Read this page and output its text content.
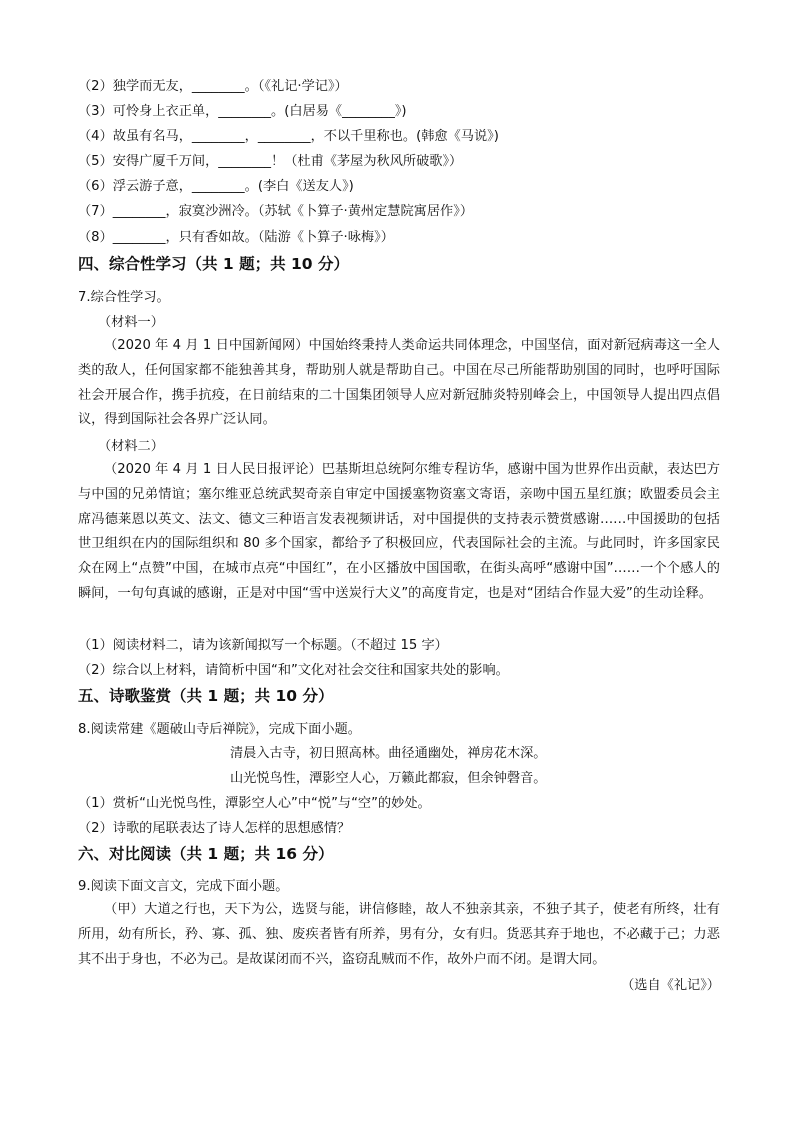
（2）独学而无友，________。（《礼记·学记》）
（3）可怜身上衣正单，________。(白居易《________》)
（4）故虽有名马，________，________，不以千里称也。(韩愈《马说》)
（5）安得广厦千万间，________！（杜甫《茅屋为秋风所破歌》）
（6）浮云游子意，________。(李白《送友人》)
（7）________，寂寞沙洲冷。（苏轼《卜算子·黄州定慧院寓居作》）
（8）________，只有香如故。（陆游《卜算子·咏梅》）
四、综合性学习（共 1 题；共 10 分）
7.综合性学习。
（材料一）
（2020 年 4 月 1 日中国新闻网）中国始终秉持人类命运共同体理念，中国坚信，面对新冠病毒这一全人类的敌人，任何国家都不能独善其身，帮助别人就是帮助自己。中国在尽己所能帮助别国的同时，也呼吁国际社会开展合作，携手抗疫，在日前结束的二十国集团领导人应对新冠肺炎特别峰会上，中国领导人提出四点倡议，得到国际社会各界广泛认同。
（材料二）
（2020 年 4 月 1 日人民日报评论）巴基斯坦总统阿尔维专程访华，感谢中国为世界作出贡献，表达巴方与中国的兄弟情谊；塞尔维亚总统武契奇亲自审定中国援塞物资塞文寄语，亲吻中国五星红旗；欧盟委员会主席冯德莱恩以英文、法文、德文三种语言发表视频讲话，对中国提供的支持表示赞赏感谢……中国援助的包括世卫组织在内的国际组织和 80 多个国家，都给予了积极回应，代表国际社会的主流。与此同时，许多国家民众在网上“点赞”中国，在城市点亮“中国红”，在小区播放中国国歌，在街头高呼“感谢中国”……一个个感人的瞬间，一句句真诚的感谢，正是对中国“雪中送炭行大义”的高度肯定，也是对“团结合作显大爱”的生动诠释。
（1）阅读材料二，请为该新闻拟写一个标题。（不超过 15 字）
（2）综合以上材料，请简析中国“和”文化对社会交往和国家共处的影响。
五、诗歌鉴赏（共 1 题；共 10 分）
8.阅读常建《题破山寺后禅院》，完成下面小题。
清晨入古寺，初日照高林。曲径通幽处，禅房花木深。
山光悦鸟性，潭影空人心，万籁此都寂，但余钟磬音。
（1）赏析“山光悦鸟性，潭影空人心”中“悦”与“空”的妙处。
（2）诗歌的尾联表达了诗人怎样的思想感情？
六、对比阅读（共 1 题；共 16 分）
9.阅读下面文言文，完成下面小题。
（甲）大道之行也，天下为公，选贤与能，讲信修睦，故人不独亲其亲，不独子其子，使老有所终，壮有所用，幼有所长，矜、寡、孤、独、废疾者皆有所养，男有分，女有归。货恶其弃于地也，不必藏于己；力恶其不出于身也，不必为己。是故谋闭而不兴，盗窃乱贼而不作，故外户而不闭。是谓大同。
（选自《礼记》）
